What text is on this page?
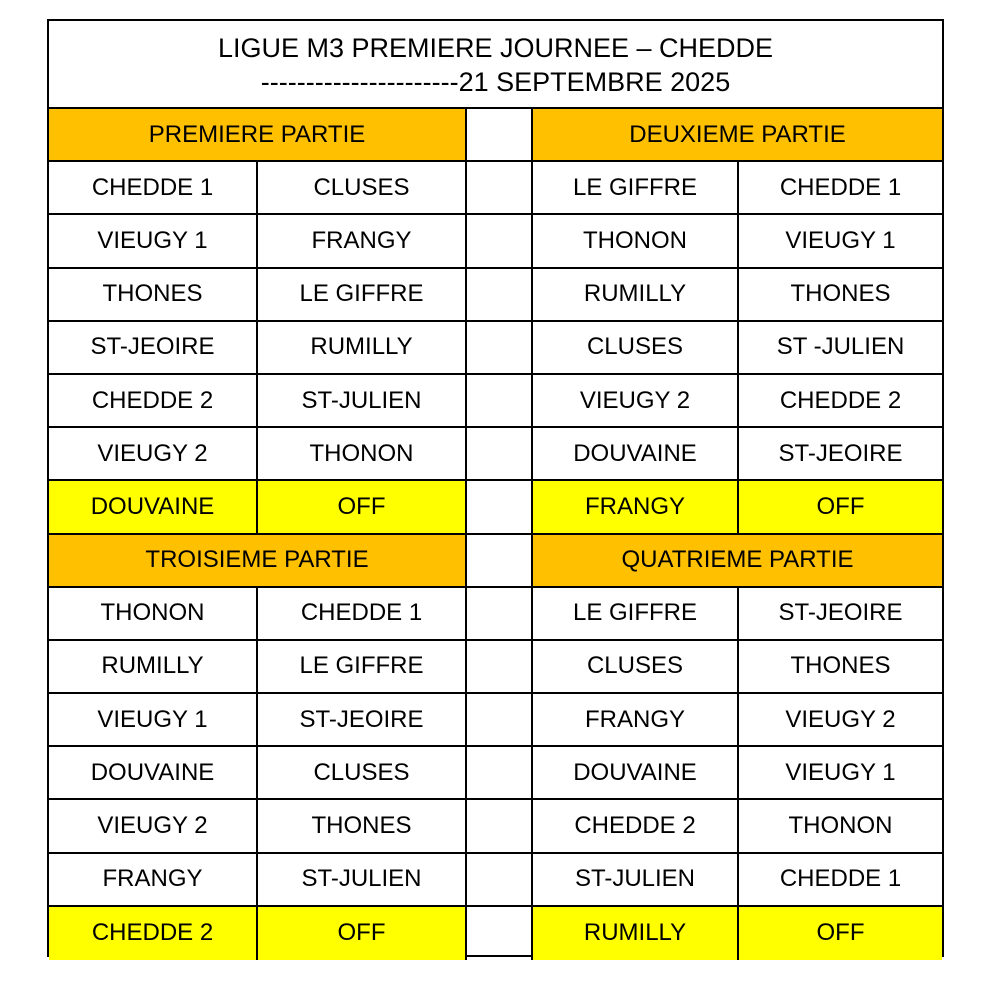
LIGUE M3 PREMIERE JOURNEE – CHEDDE
----------------------21 SEPTEMBRE 2025
PREMIERE PARTIE	DEUXIEME PARTIE
CHEDDE 1	CLUSES	LE GIFFRE	CHEDDE 1
VIEUGY 1	FRANGY	THONON	VIEUGY 1
THONES	LE GIFFRE	RUMILLY	THONES
ST-JEOIRE	RUMILLY	CLUSES	ST -JULIEN
CHEDDE 2	ST-JULIEN	VIEUGY 2	CHEDDE 2
VIEUGY 2	THONON	DOUVAINE	ST-JEOIRE
DOUVAINE	OFF	FRANGY	OFF
TROISIEME PARTIE	QUATRIEME PARTIE
THONON	CHEDDE 1	LE GIFFRE	ST-JEOIRE
RUMILLY	LE GIFFRE	CLUSES	THONES
VIEUGY 1	ST-JEOIRE	FRANGY	VIEUGY 2
DOUVAINE	CLUSES	DOUVAINE	VIEUGY 1
VIEUGY 2	THONES	CHEDDE 2	THONON
FRANGY	ST-JULIEN	ST-JULIEN	CHEDDE 1
CHEDDE 2	OFF	RUMILLY	OFF
